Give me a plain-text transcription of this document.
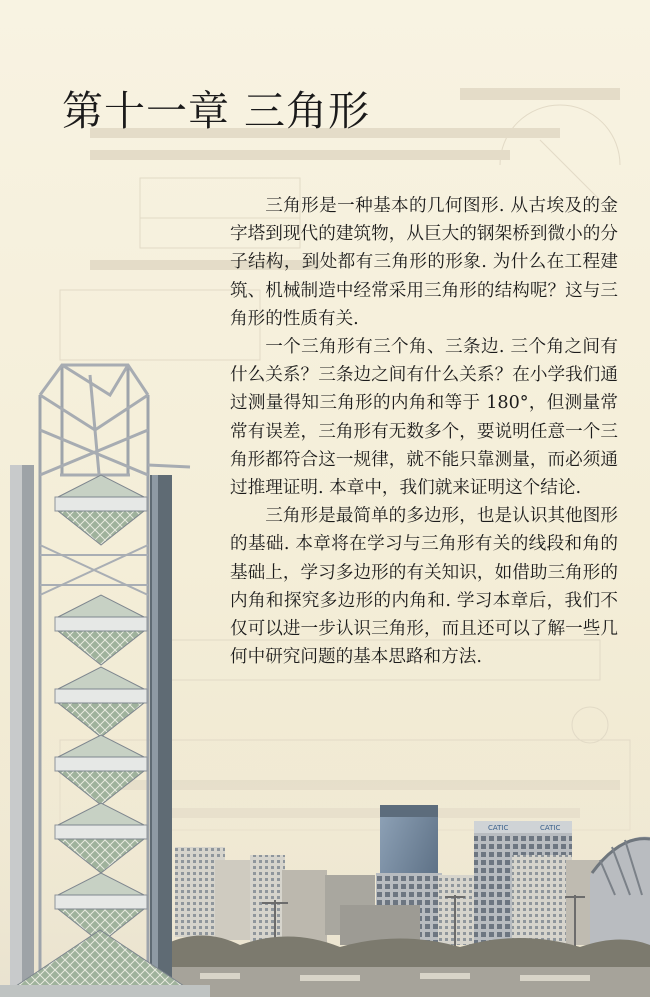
第十一章 三角形

三角形是一种基本的几何图形. 从古埃及的金字塔到现代的建筑物，从巨大的钢架桥到微小的分子结构，到处都有三角形的形象. 为什么在工程建筑、机械制造中经常采用三角形的结构呢？这与三角形的性质有关.

一个三角形有三个角、三条边. 三个角之间有什么关系？三条边之间有什么关系？在小学我们通过测量得知三角形的内角和等于 180°，但测量常常有误差，三角形有无数多个，要说明任意一个三角形都符合这一规律，就不能只靠测量，而必须通过推理证明. 本章中，我们就来证明这个结论.

三角形是最简单的多边形，也是认识其他图形的基础. 本章将在学习与三角形有关的线段和角的基础上，学习多边形的有关知识，如借助三角形的内角和探究多边形的内角和. 学习本章后，我们不仅可以进一步认识三角形，而且还可以了解一些几何中研究问题的基本思路和方法.

CATIC	CATIC
